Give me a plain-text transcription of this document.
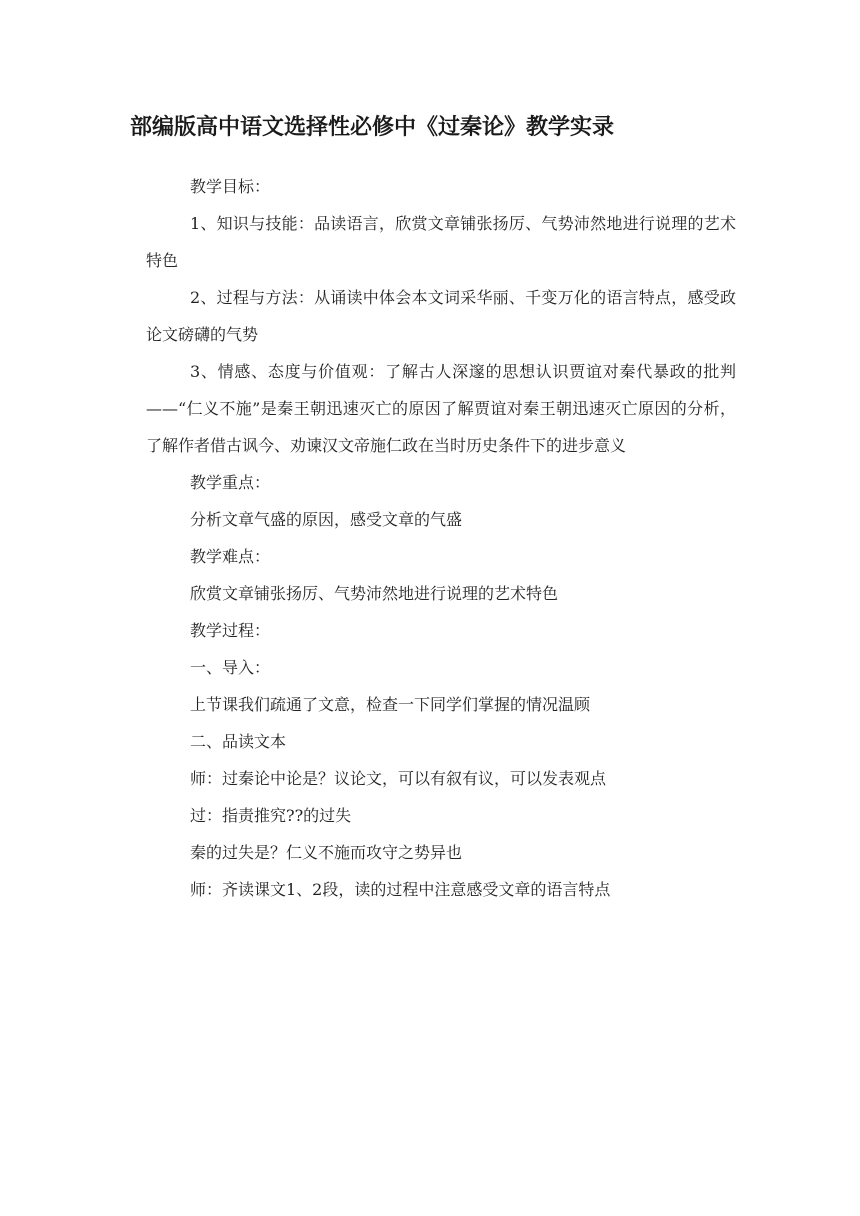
部编版高中语文选择性必修中《过秦论》教学实录

教学目标：

1、知识与技能：品读语言，欣赏文章铺张扬厉、气势沛然地进行说理的艺术特色

2、过程与方法：从诵读中体会本文词采华丽、千变万化的语言特点，感受政论文磅礴的气势

3、情感、态度与价值观：了解古人深邃的思想认识贾谊对秦代暴政的批判——“仁义不施”是秦王朝迅速灭亡的原因了解贾谊对秦王朝迅速灭亡原因的分析，了解作者借古讽今、劝谏汉文帝施仁政在当时历史条件下的进步意义

教学重点：

分析文章气盛的原因，感受文章的气盛

教学难点：

欣赏文章铺张扬厉、气势沛然地进行说理的艺术特色

教学过程：

一、导入：

上节课我们疏通了文意，检查一下同学们掌握的情况温顾

二、品读文本

师：过秦论中论是？议论文，可以有叙有议，可以发表观点

过：指责推究??的过失

秦的过失是？仁义不施而攻守之势异也

师：齐读课文1、2段，读的过程中注意感受文章的语言特点
